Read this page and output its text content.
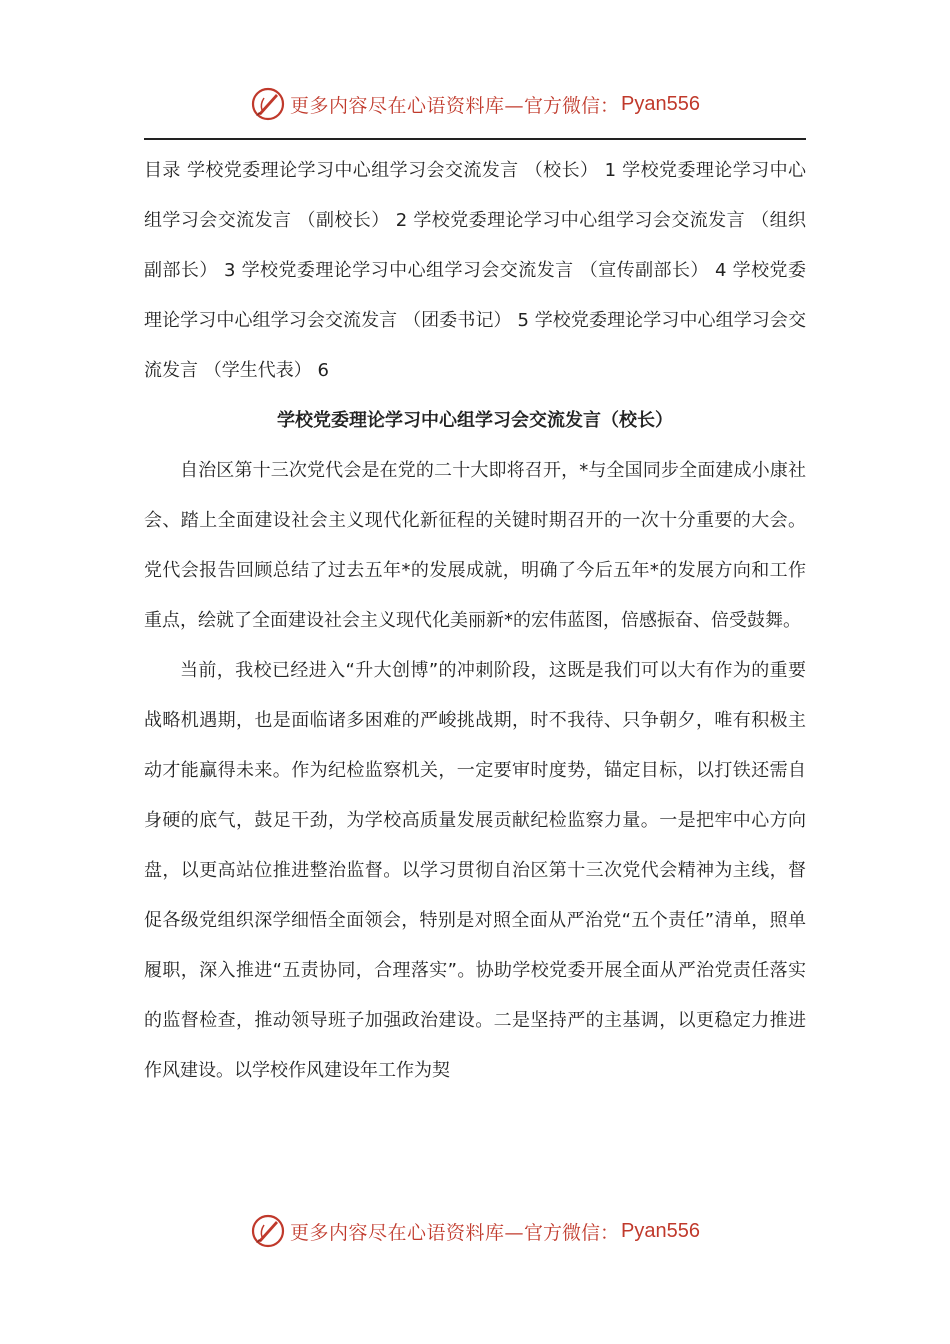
更多内容尽在心语资料库— 官方微信： Pyan556

目录 学校党委理论学习中心组学习会交流发言 （校长） 1 学校党委理论学习中心组学习会交流发言 （副校长） 2 学校党委理论学习中心组学习会交流发言 （组织副部长） 3 学校党委理论学习中心组学习会交流发言 （宣传副部长） 4 学校党委理论学习中心组学习会交流发言 （团委书记） 5 学校党委理论学习中心组学习会交流发言 （学生代表） 6

学校党委理论学习中心组学习会交流发言（校长）

自治区第十三次党代会是在党的二十大即将召开，*与全国同步全面建成小康社会、踏上全面建设社会主义现代化新征程的关键时期召开的一次十分重要的大会。党代会报告回顾总结了过去五年*的发展成就，明确了今后五年*的发展方向和工作重点，绘就了全面建设社会主义现代化美丽新*的宏伟蓝图，倍感振奋、倍受鼓舞。

当前，我校已经进入“升大创博”的冲刺阶段，这既是我们可以大有作为的重要战略机遇期，也是面临诸多困难的严峻挑战期，时不我待、只争朝夕，唯有积极主动才能赢得未来。作为纪检监察机关，一定要审时度势，锚定目标，以打铁还需自身硬的底气，鼓足干劲，为学校高质量发展贡献纪检监察力量。一是把牢中心方向盘，以更高站位推进整治监督。以学习贯彻自治区第十三次党代会精神为主线，督促各级党组织深学细悟全面领会，特别是对照全面从严治党“五个责任”清单，照单履职，深入推进“五责协同，合理落实”。协助学校党委开展全面从严治党责任落实的监督检查，推动领导班子加强政治建设。二是坚持严的主基调，以更稳定力推进作风建设。以学校作风建设年工作为契

更多内容尽在心语资料库— 官方微信： Pyan556
